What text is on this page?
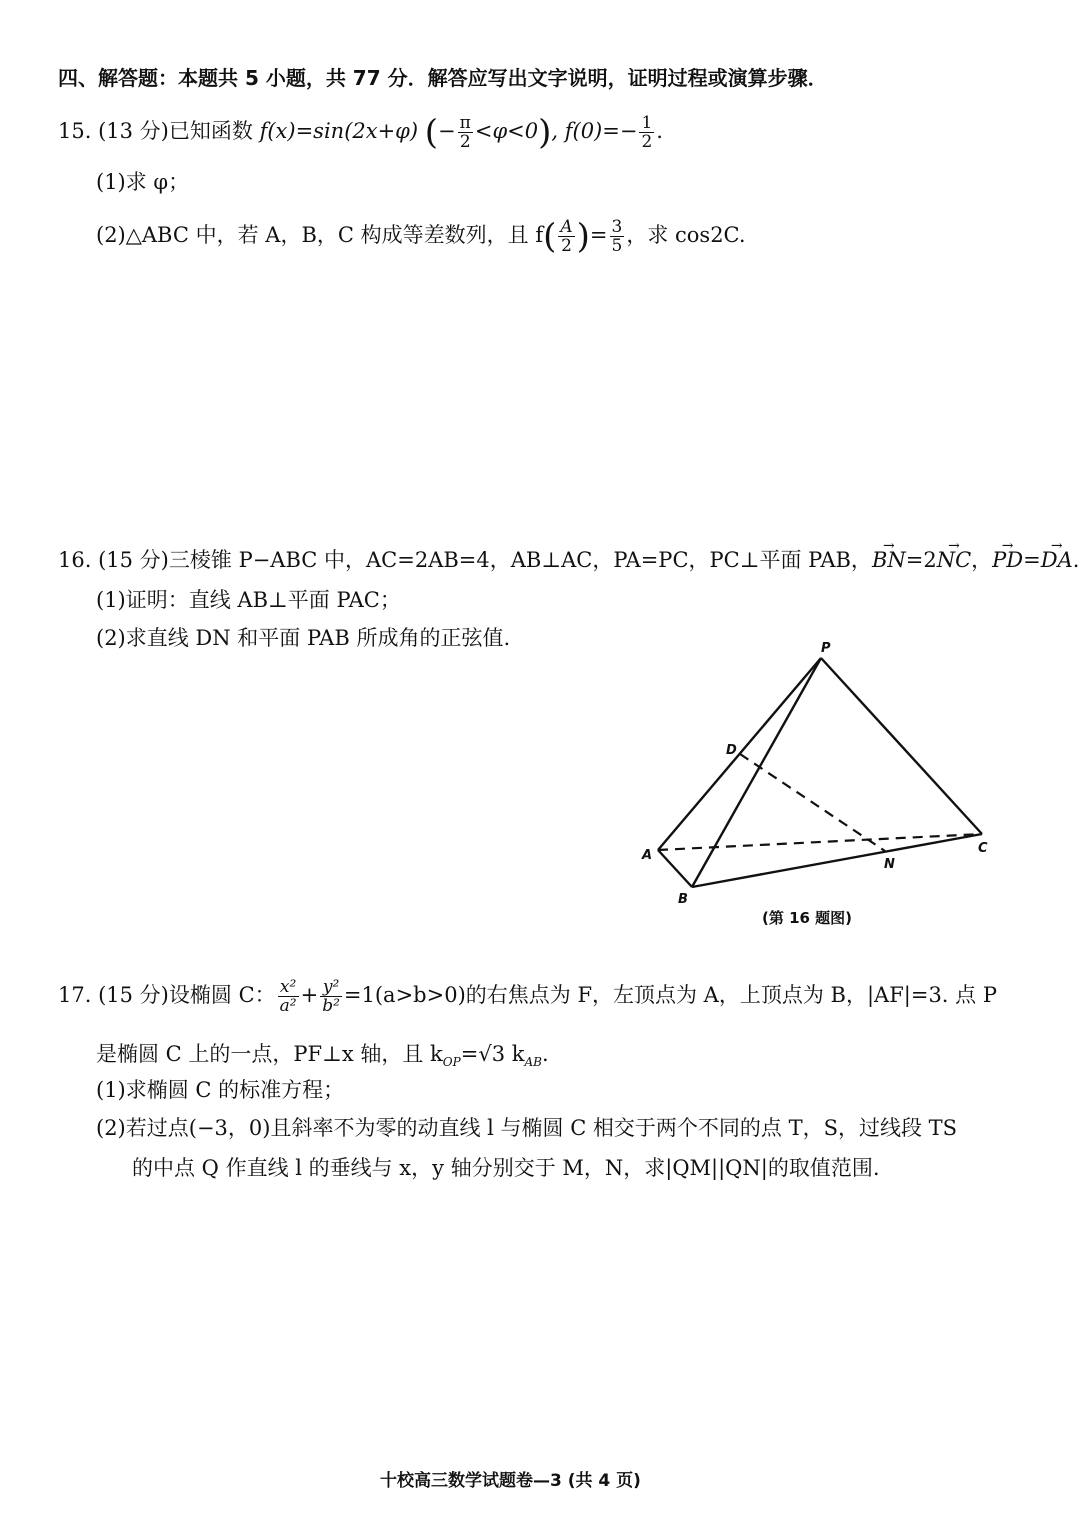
四、解答题：本题共 5 小题，共 77 分．解答应写出文字说明，证明过程或演算步骤．
15. (13 分)已知函数 f(x)=sin(2x+φ) (− $\frac{\pi}{2} <\varphi<0$), $f(0)=- \frac{1}{2}$ .
(1)求 φ；
(2)△ABC 中，若 A，B，C 构成等差数列，且 $f( \frac{A}{2}$ )= $\frac{3}{5}$ ，求 cos2C.
16. (15 分)三棱锥 P−ABC 中，AC=2AB=4，AB⊥AC，PA=PC，PC⊥平面 PAB，→ BN=2→ NC，→ PD=→ DA.
(1)证明：直线 AB⊥平面 PAC；
(2)求直线 DN 和平面 PAB 所成角的正弦值.	P
D
A
B
C
N
(第 16 题图)
17. (15 分)设椭圆 C： $\frac{\text{x²}}{\text{a²}} + \frac{\text{y²}}{\text{b²}} =1(a>b>0)$的右焦点为 F，左顶点为 A，上顶点为 B，|AF|=3. 点 P
是椭圆 C 上的一点，PF⊥x 轴，且 $k_{OP}=√3$ $k_{AB}$.
(1)求椭圆 C 的标准方程；
(2)若过点(−3，0)且斜率不为零的动直线 l 与椭圆 C 相交于两个不同的点 T，S，过线段 TS
的中点 Q 作直线 l 的垂线与 x，y 轴分别交于 M，N，求|QM||QN|的取值范围.
十校高三数学试题卷—3 (共 4 页)
